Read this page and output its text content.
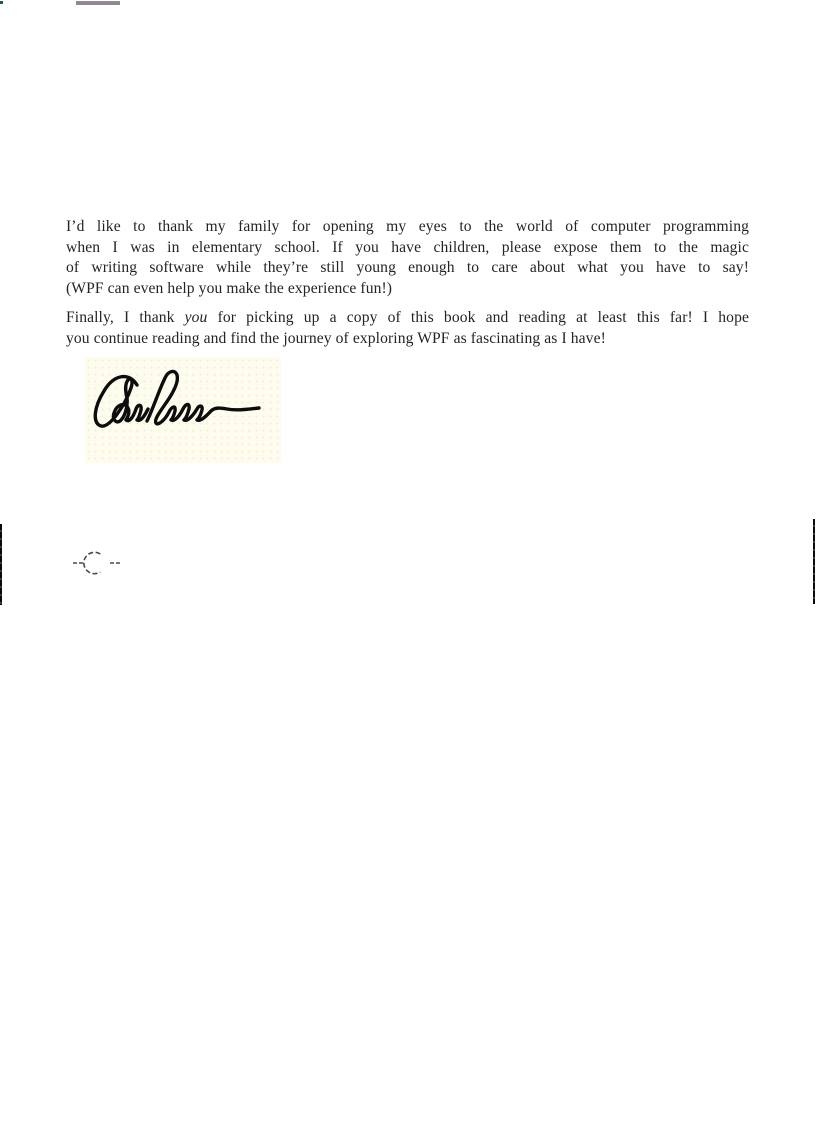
I’d like to thank my family for opening my eyes to the world of computer programming
when I was in elementary school. If you have children, please expose them to the magic
of writing software while they’re still young enough to care about what you have to say!
(WPF can even help you make the experience fun!)
Finally, I thank you for picking up a copy of this book and reading at least this far! I hope
you continue reading and find the journey of exploring WPF as fascinating as I have!
